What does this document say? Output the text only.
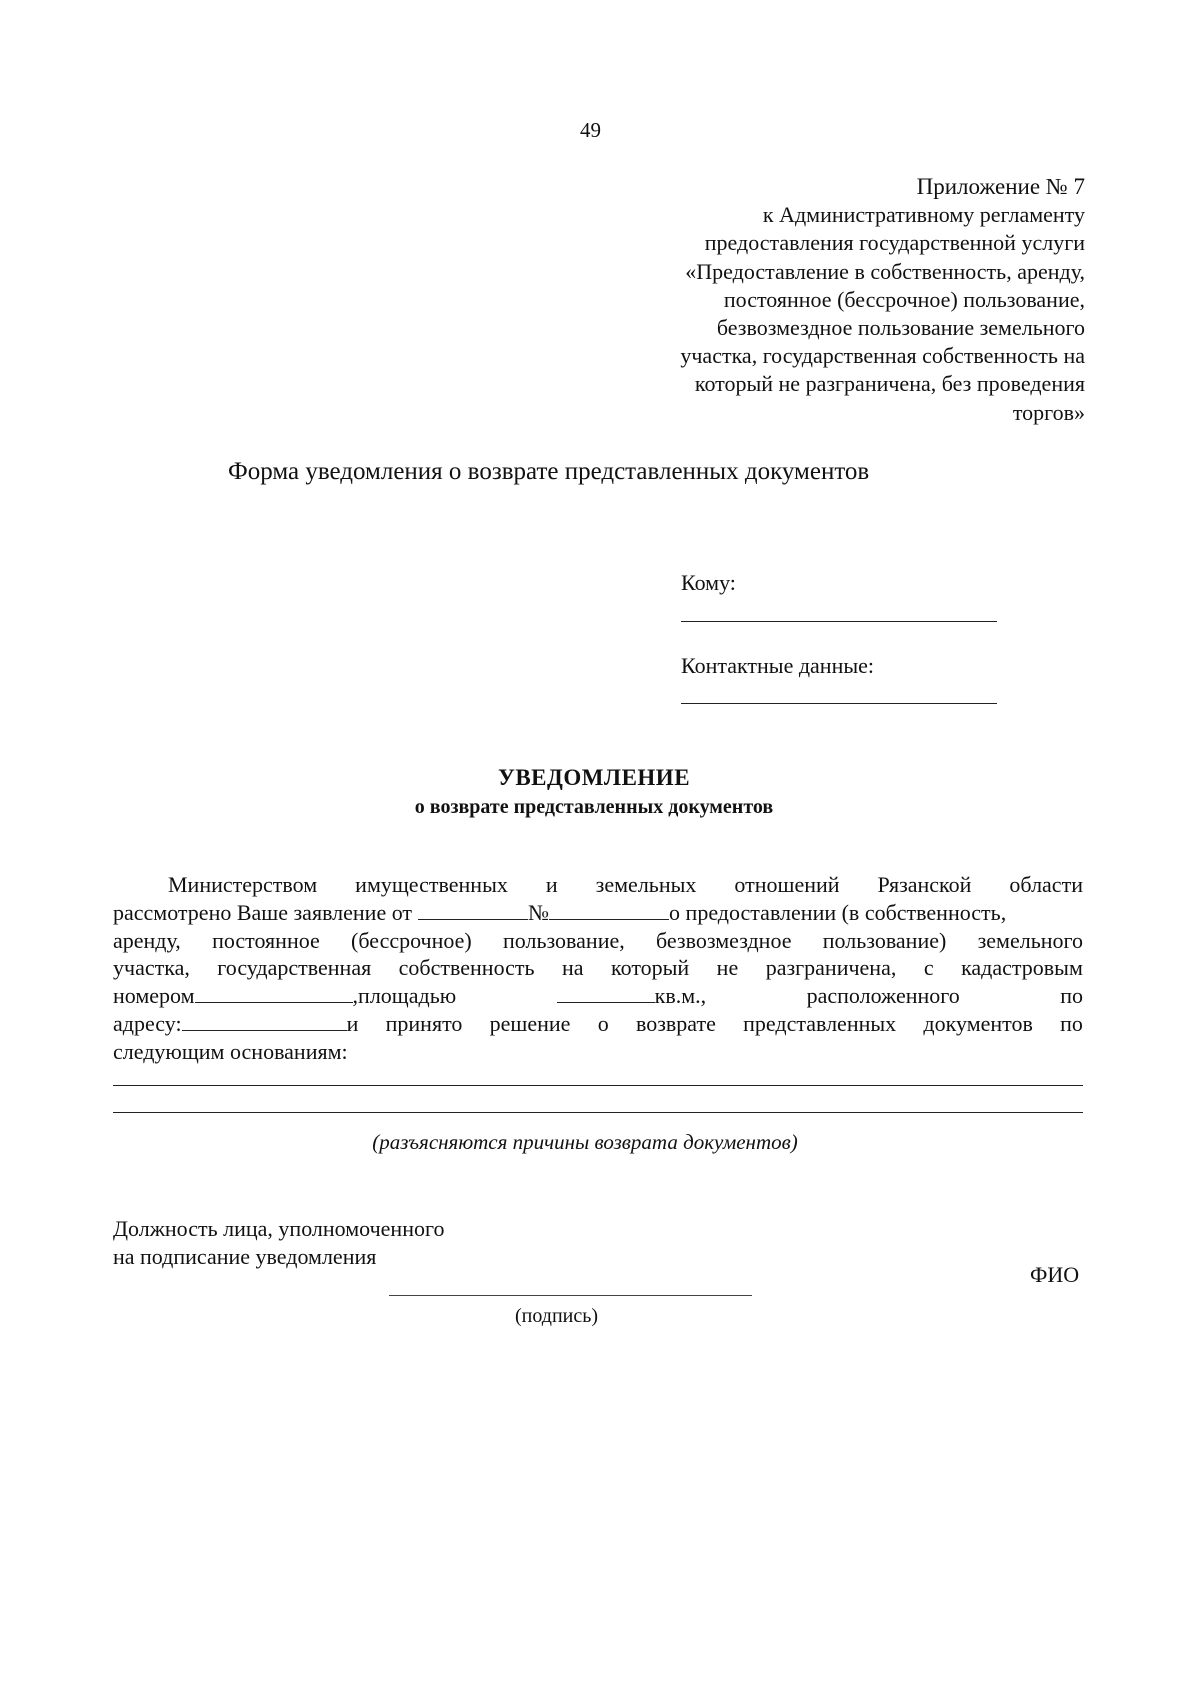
49
Приложение № 7
к Административному регламенту
предоставления государственной услуги
«Предоставление в собственность, аренду,
постоянное (бессрочное) пользование,
безвозмездное пользование земельного
участка, государственная собственность на
который не разграничена, без проведения
торгов»
Форма уведомления о возврате представленных документов
Кому:
Контактные данные:
УВЕДОМЛЕНИЕ
о возврате представленных документов
Министерством имущественных и земельных отношений Рязанской области
рассмотрено Ваше заявление от	№	о предоставлении (в собственность,
аренду, постоянное (бессрочное) пользование, безвозмездное пользование) земельного
участка, государственная собственность на который не разграничена, с кадастровым
номером	,площадью	кв.м.,	расположенного	по
адресу:	и принято решение о возврате представленных документов по
следующим основаниям:
(разъясняются причины возврата документов)
Должность лица, уполномоченного
на подписание уведомления
ФИО
(подпись)
